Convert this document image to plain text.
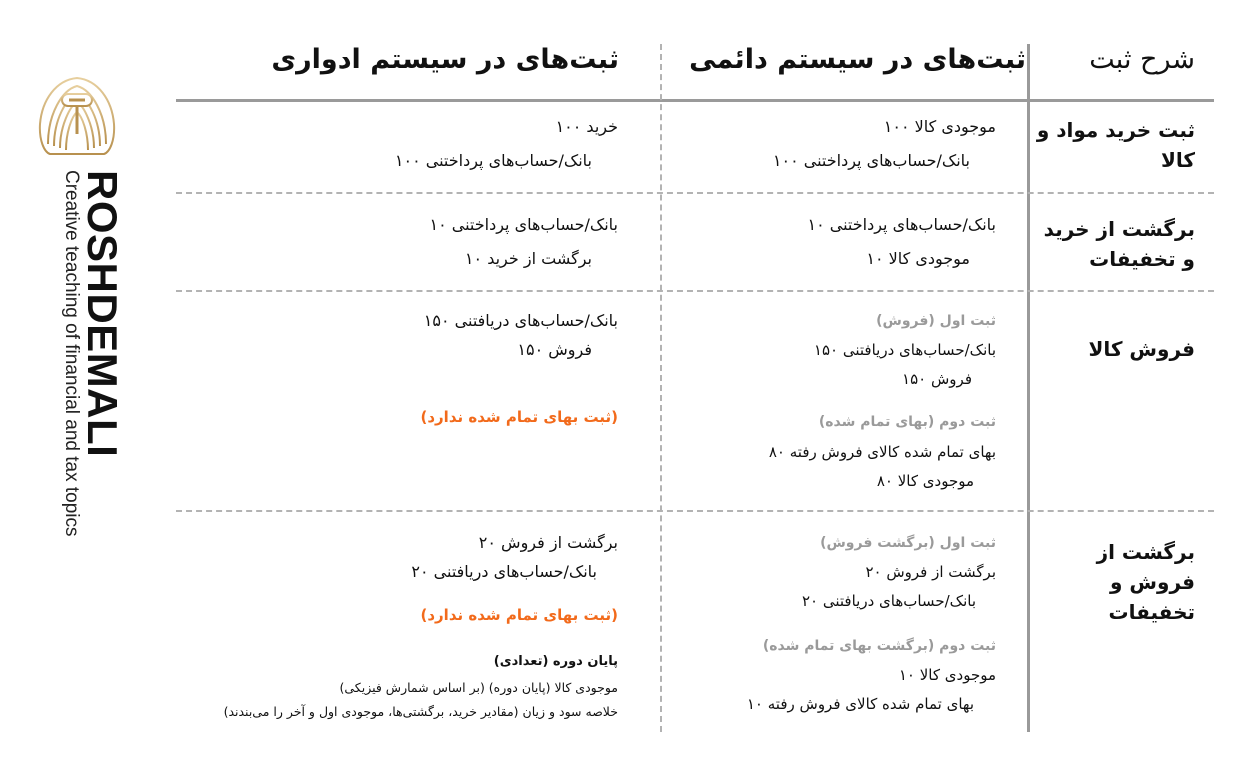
ROSHDEMALI
Creative teaching of financial and tax topics
شرح ثبت
ثبت‌های در سیستم دائمی
ثبت‌های در سیستم ادواری
ثبت خرید مواد و کالا
موجودی کالا ۱۰۰
بانک/حساب‌های پرداختنی ۱۰۰
خرید ۱۰۰
بانک/حساب‌های پرداختنی ۱۰۰
برگشت از خرید و تخفیفات
بانک/حساب‌های پرداختنی ۱۰
موجودی کالا ۱۰
بانک/حساب‌های پرداختنی ۱۰
برگشت از خرید ۱۰
فروش کالا
ثبت اول (فروش)
بانک/حساب‌های دریافتنی ۱۵۰
فروش ۱۵۰
ثبت دوم (بهای تمام شده)
بهای تمام شده کالای فروش رفته ۸۰
موجودی کالا ۸۰
بانک/حساب‌های دریافتنی ۱۵۰
فروش ۱۵۰
(ثبت بهای تمام شده ندارد)
برگشت از فروش و تخفیفات
ثبت اول (برگشت فروش)
برگشت از فروش ۲۰
بانک/حساب‌های دریافتنی ۲۰
ثبت دوم (برگشت بهای تمام شده)
موجودی کالا ۱۰
بهای تمام شده کالای فروش رفته ۱۰
برگشت از فروش ۲۰
بانک/حساب‌های دریافتنی ۲۰
(ثبت بهای تمام شده ندارد)
پایان دوره (تعدادی)
موجودی کالا (پایان دوره) (بر اساس شمارش فیزیکی)
خلاصه سود و زیان (مقادیر خرید، برگشتی‌ها، موجودی اول و آخر را می‌بندند)
